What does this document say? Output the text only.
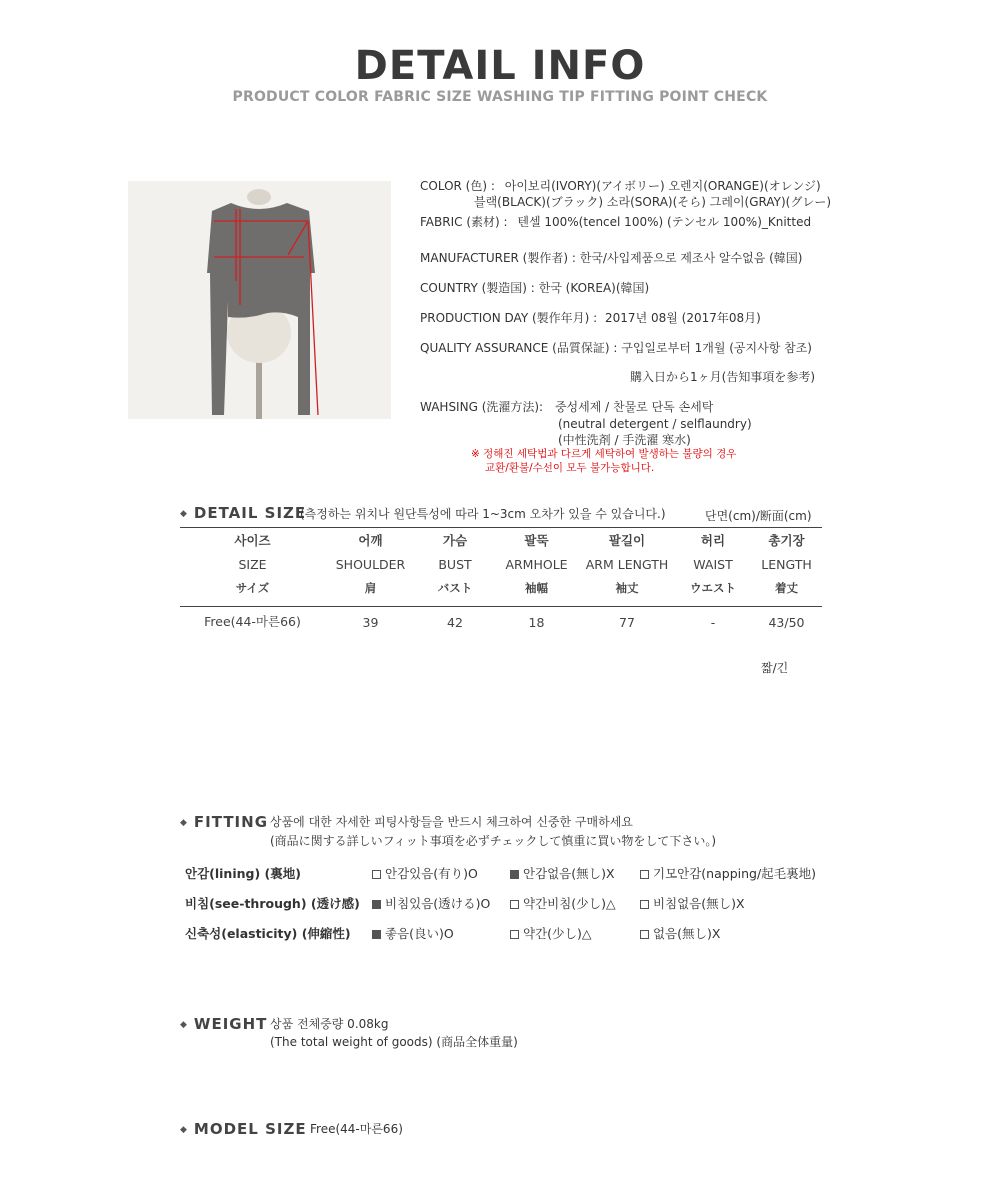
DETAIL INFO
PRODUCT COLOR FABRIC SIZE WASHING TIP FITTING POINT CHECK
COLOR (色) : 아이보리(IVORY)(アイボリー) 오렌지(ORANGE)(オレンジ)
블랙(BLACK)(ブラック) 소라(SORA)(そら) 그레이(GRAY)(グレー)
FABRIC (素材) : 텐셀 100%(tencel 100%) (テンセル 100%)_Knitted
MANUFACTURER (製作者) : 한국/사입제품으로 제조사 알수없음 (韓国)
COUNTRY (製造国) : 한국 (KOREA)(韓国)
PRODUCTION DAY (製作年月) : 2017년 08월 (2017年08月)
QUALITY ASSURANCE (品質保証) : 구입일로부터 1개월 (공지사항 참조)
購入日から1ヶ月(告知事項を参考)
WAHSING (洗濯方法): 중성세제 / 찬물로 단독 손세탁
(neutral detergent / selflaundry)
(中性洗剤 / 手洗濯 寒水)
※ 정해진 세탁법과 다르게 세탁하여 발생하는 불량의 경우
교환/환불/수선이 모두 불가능합니다.
◆ DETAIL SIZE
(측정하는 위치나 원단특성에 따라 1~3cm 오차가 있을 수 있습니다.)	단면(cm)/断面(cm)
사이즈	어깨	가슴	팔뚝	팔길이	허리	총기장
SIZE	SHOULDER	BUST	ARMHOLE	ARM LENGTH	WAIST	LENGTH
サイズ	肩	バスト	袖幅	袖丈	ウエスト	着丈
Free(44-마른66)	39	42	18	77	-	43/50
짧/긴
◆ FITTING 상품에 대한 자세한 피팅사항들을 반드시 체크하여 신중한 구매하세요
(商品に関する詳しいフィット事項を必ずチェックして慎重に買い物をして下さい。)
안감(lining) (裏地)	안감있음(有り)O	안감없음(無し)X	기모안감(napping/起毛裏地)
비침(see-through) (透け感)	비침있음(透ける)O	약간비침(少し)△	비침없음(無し)X
신축성(elasticity) (伸縮性)	좋음(良い)O	약간(少し)△	없음(無し)X
◆ WEIGHT 상품 전체중량 0.08kg
(The total weight of goods) (商品全体重量)
◆ MODEL SIZE Free(44-마른66)
